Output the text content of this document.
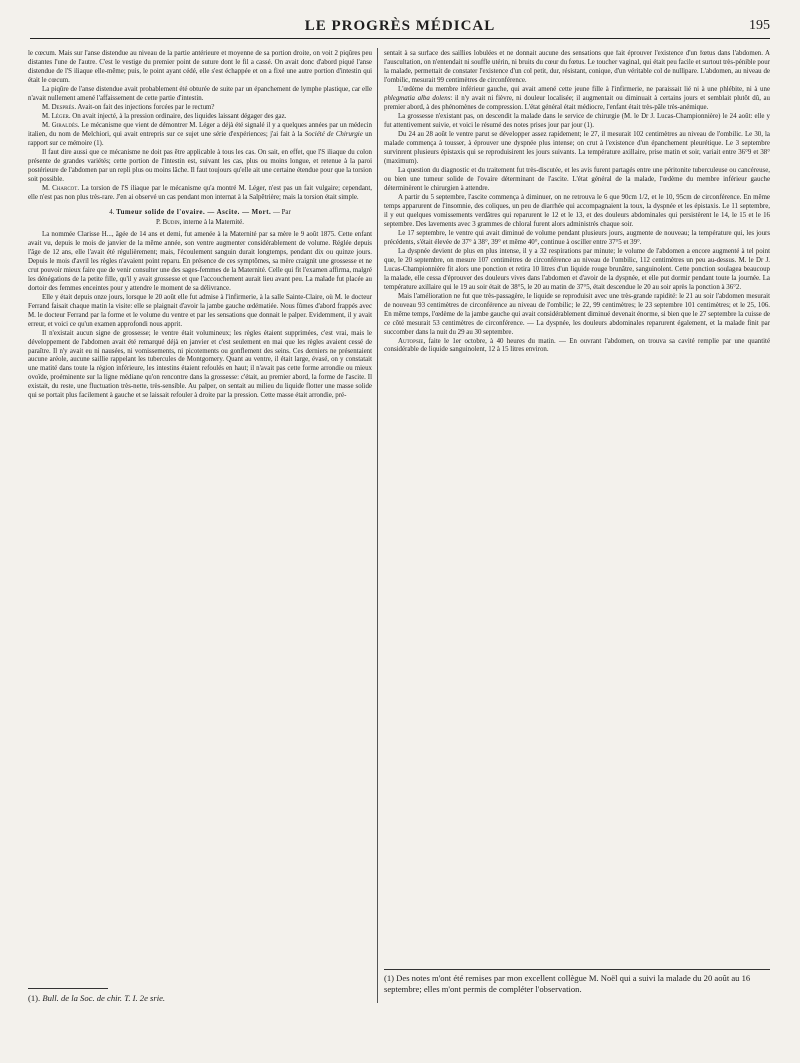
LE PROGRÈS MÉDICAL	195

le cœcum. Mais sur l'anse distendue au niveau de la partie antérieure et moyenne de sa portion droite, on voit 2 piqûres peu distantes l'une de l'autre. C'est le vestige du premier point de suture dont le fil a cassé. On avait donc d'abord piqué l'anse distendue de l'S iliaque elle-même; puis, le point ayant cédé, elle s'est échappée et on a fixé une autre portion d'intestin qui était le cœcum.

La piqûre de l'anse distendue avait probablement été obturée de suite par un épanchement de lymphe plastique, car elle n'avait nullement amené l'affaissement de cette partie d'intestin.

M. Després. Avait-on fait des injections forcées par le rectum?

M. Léger. On avait injecté, à la pression ordinaire, des liquides laissant dégager des gaz.

M. Giraldès. Le mécanisme que vient de démontrer M. Léger a déjà été signalé il y a quelques années par un médecin italien, du nom de Melchiori, qui avait entrepris sur ce sujet une série d'expériences; j'ai fait à la Société de Chirurgie un rapport sur ce mémoire (1).

Il faut dire aussi que ce mécanisme ne doit pas être applicable à tous les cas. On sait, en effet, que l'S iliaque du colon présente de grandes variétés; cette portion de l'intestin est, suivant les cas, plus ou moins longue, et retenue à la paroi postérieure de l'abdomen par un repli plus ou moins lâche. Il faut toujours qu'elle ait une certaine étendue pour que la torsion soit possible.

M. Charcot. La torsion de l'S iliaque par le mécanisme qu'a montré M. Léger, n'est pas un fait vulgaire; cependant, elle n'est pas non plus très-rare. J'en ai observé un cas pendant mon internat à la Salpêtrière; mais la torsion était simple.

4. Tumeur solide de l'ovaire. — Ascite. — Mort. — Par

P. Budin, interne à la Maternité.

La nommée Clarisse H..., âgée de 14 ans et demi, fut amenée à la Maternité par sa mère le 9 août 1875. Cette enfant avait vu, depuis le mois de janvier de la même année, son ventre augmenter considérablement de volume. Réglée depuis l'âge de 12 ans, elle l'avait été régulièrement; mais, l'écoulement sanguin durait longtemps, pendant dix ou quinze jours. Depuis le mois d'avril les règles n'avaient point reparu. En présence de ces symptômes, sa mère craignit une grossesse et ne crut pouvoir mieux faire que de venir consulter une des sages-femmes de la Maternité. Celle qui fit l'examen affirma, malgré les dénégations de la petite fille, qu'il y avait grossesse et que l'accouchement aurait lieu avant peu. La malade fut placée au dortoir des femmes enceintes pour y attendre le moment de sa délivrance.

Elle y était depuis onze jours, lorsque le 20 août elle fut admise à l'infirmerie, à la salle Sainte-Claire, où M. le docteur Ferrand faisait chaque matin la visite: elle se plaignait d'avoir la jambe gauche œdématiée. Nous fûmes d'abord frappés avec M. le docteur Ferrand par la forme et le volume du ventre et par les sensations que donnait le palper. Evidemment, il y avait erreur, et voici ce qu'un examen approfondi nous apprit.

Il n'existait aucun signe de grossesse; le ventre était volumineux; les règles étaient supprimées, c'est vrai, mais le développement de l'abdomen avait été remarqué déjà en janvier et c'est seulement en mai que les règles avaient cessé de paraître. Il n'y avait eu ni nausées, ni vomissements, ni picotements ou gonflement des seins. Ces derniers ne présentaient aucune aréole, aucune saillie rappelant les tubercules de Montgomery. Quant au ventre, il était large, évasé, on y constatait une matité dans toute la région inférieure, les intestins étaient refoulés en haut; il n'avait pas cette forme arrondie ou mieux ovoïde, proéminente sur la ligne médiane qu'on rencontre dans la grossesse: c'était, au premier abord, la forme de l'ascite. Il existait, du reste, une fluctuation très-nette, très-sensible. Au palper, on sentait au milieu du liquide flotter une masse solide qui se portait plus facilement à gauche et se laissait refouler à droite par la pression. Cette masse était arrondie, pré-

(1). Bull. de la Soc. de chir. T. I. 2e srie.

sentait à sa surface des saillies lobulées et ne donnait aucune des sensations que fait éprouver l'existence d'un fœtus dans l'abdomen. A l'auscultation, on n'entendait ni souffle utérin, ni bruits du cœur du fœtus. Le toucher vaginal, qui était peu facile et surtout très-pénible pour la malade, permettait de constater l'existence d'un col petit, dur, résistant, conique, d'un véritable col de nullipare. L'abdomen, au niveau de l'ombilic, mesurait 99 centimètres de circonférence.

L'œdème du membre inférieur gauche, qui avait amené cette jeune fille à l'infirmerie, ne paraissait lié ni à une phlébite, ni à une phlegmatia alba dolens: il n'y avait ni fièvre, ni douleur localisée; il augmentait ou diminuait à certains jours et semblait plutôt dû, au premier abord, à des phénomènes de compression. L'état général était médiocre, l'enfant était très-pâle très-anémique.

La grossesse n'existant pas, on descendit la malade dans le service de chirurgie (M. le Dr J. Lucas-Championnière) le 24 août: elle y fut attentivement suivie, et voici le résumé des notes prises jour par jour (1).

Du 24 au 28 août le ventre parut se développer assez rapidement; le 27, il mesurait 102 centimètres au niveau de l'ombilic. Le 30, la malade commença à tousser, à éprouver une dyspnée plus intense; on crut à l'existence d'un épanchement pleurétique. Le 3 septembre survinrent plusieurs épistaxis qui se reproduisirent les jours suivants. La température axillaire, prise matin et soir, variait entre 36°9 et 38° (maximum).

La question du diagnostic et du traitement fut très-discutée, et les avis furent partagés entre une péritonite tuberculeuse ou cancéreuse, ou bien une tumeur solide de l'ovaire déterminant de l'ascite. L'état général de la malade, l'œdème du membre inférieur gauche déterminèrent le chirurgien à attendre.

A partir du 5 septembre, l'ascite commença à diminuer, on ne retrouva le 6 que 90cm 1/2, et le 10, 95cm de circonférence. En même temps apparurent de l'insomnie, des coliques, un peu de diarrhée qui accompagnaient la toux, la dyspnée et les épistaxis. Le 11 septembre, il y eut quelques vomissements verdâtres qui reparurent le 12 et le 13, et des douleurs abdominales qui persistèrent le 14, le 15 et le 16 septembre. Des lavements avec 3 grammes de chloral furent alors administrés chaque soir.

Le 17 septembre, le ventre qui avait diminué de volume pendant plusieurs jours, augmente de nouveau; la température qui, les jours précédents, s'était élevée de 37° à 38°, 39° et même 40°, continue à osciller entre 37°5 et 39°.

La dyspnée devient de plus en plus intense, il y a 32 respirations par minute; le volume de l'abdomen a encore augmenté à tel point que, le 20 septembre, on mesure 107 centimètres de circonférence au niveau de l'ombilic, 112 centimètres un peu au-dessus. M. le Dr J. Lucas-Championnière fit alors une ponction et retira 10 litres d'un liquide rouge brunâtre, sanguinolent. Cette ponction soulagea beaucoup la malade, elle cessa d'éprouver des douleurs vives dans l'abdomen et d'avoir de la dyspnée, et elle put dormir pendant toute la journée. La température axillaire qui le 19 au soir était de 38°5, le 20 au matin de 37°5, était descendue le 20 au soir après la ponction à 36°2.

Mais l'amélioration ne fut que très-passagère, le liquide se reproduisit avec une très-grande rapidité: le 21 au soir l'abdomen mesurait de nouveau 93 centimètres de circonférence au niveau de l'ombilic; le 22, 99 centimètres; le 23 septembre 101 centimètres; et le 25, 106. En même temps, l'œdème de la jambe gauche qui avait considérablement diminué devenait énorme, si bien que le 27 septembre la cuisse de ce côté mesurait 53 centimètres de circonférence. — La dyspnée, les douleurs abdominales reparurent également, et la malade finit par succomber dans la nuit du 29 au 30 septembre.

Autopsie, faite le 1er octobre, à 40 heures du matin. — En ouvrant l'abdomen, on trouva sa cavité remplie par une quantité considérable de liquide sanguinolent, 12 à 15 litres environ.

(1) Des notes m'ont été remises par mon excellent collègue M. Noël qui a suivi la malade du 20 août au 16 septembre; elles m'ont permis de compléter l'observation.
